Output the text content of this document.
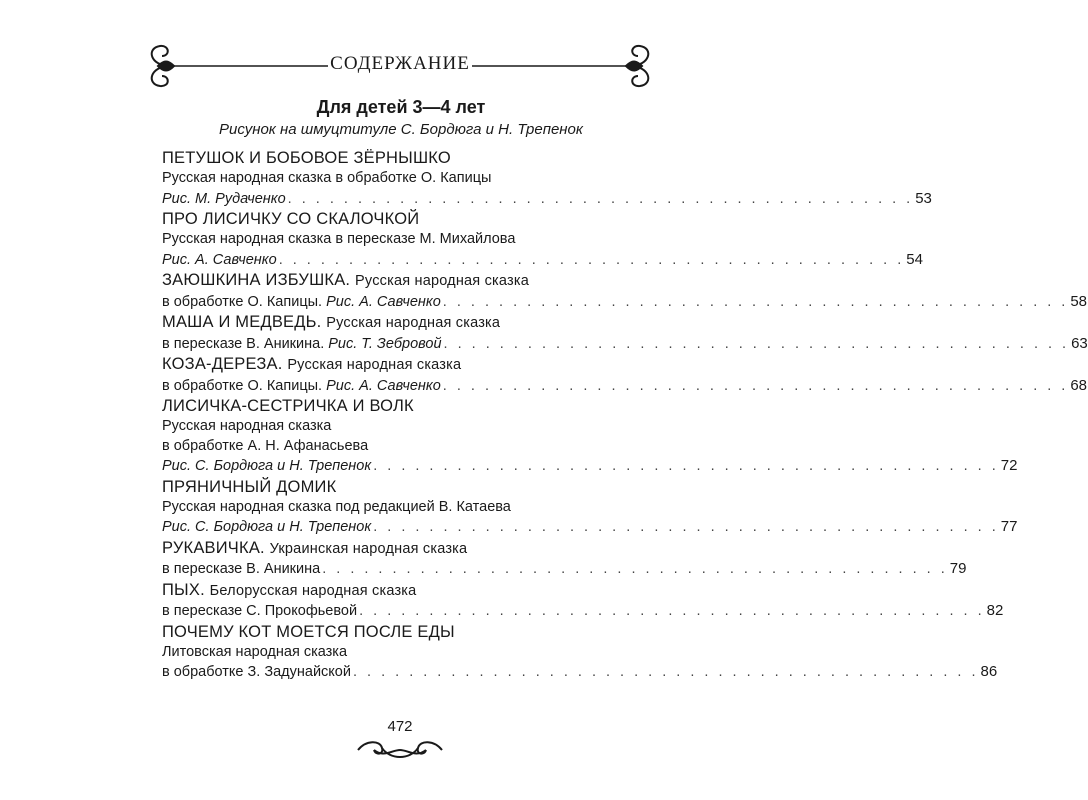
СОДЕРЖАНИЕ
Для детей 3—4 лет
Рисунок на шмуцтитуле С. Бордюга и Н. Трепенок
ПЕТУШОК И БОБОВОЕ ЗЁРНЫШКО
Русская народная сказка в обработке О. Капицы
Рис. М. Рудаченко . . . . . . . . . . . . . . . . . . . . . . . . . . . . . . . . . . . . . . . . . . . . . 53
ПРО ЛИСИЧКУ СО СКАЛОЧКОЙ
Русская народная сказка в пересказе М. Михайлова
Рис. А. Савченко . . . . . . . . . . . . . . . . . . . . . . . . . . . . . . . . . . . . . . . . . . . . . 54
ЗАЮШКИНА ИЗБУШКА. Русская народная сказка
в обработке О. Капицы.
Рис. А. Савченко . . . . . . . . . . . . . . . . . . . . . . . . . . . . . . . . . . . . . . . . . . . . . 58
МАША И МЕДВЕДЬ. Русская народная сказка
в пересказе В. Аникина.
Рис. Т. Зебровой . . . . . . . . . . . . . . . . . . . . . . . . . . . . . . . . . . . . . . . . . . . . . 63
КОЗА-ДЕРЕЗА. Русская народная сказка
в обработке О. Капицы.
Рис. А. Савченко . . . . . . . . . . . . . . . . . . . . . . . . . . . . . . . . . . . . . . . . . . . . . 68
ЛИСИЧКА-СЕСТРИЧКА И ВОЛК
Русская народная сказка
в обработке А. Н. Афанасьева
Рис. С. Бордюга и Н. Трепенок . . . . . . . . . . . . . . . . . . . . . . . . . . . . . . . . . . . . . . . . . . . . . 72
ПРЯНИЧНЫЙ ДОМИК
Русская народная сказка под редакцией В. Катаева
Рис. С. Бордюга и Н. Трепенок . . . . . . . . . . . . . . . . . . . . . . . . . . . . . . . . . . . . . . . . . . . . . 77
РУКАВИЧКА. Украинская народная сказка
в пересказе В. Аникина . . . . . . . . . . . . . . . . . . . . . . . . . . . . . . . . . . . . . . . . . . . . . 79
ПЫХ. Белорусская народная сказка
в пересказе С. Прокофьевой . . . . . . . . . . . . . . . . . . . . . . . . . . . . . . . . . . . . . . . . . . . . . 82
ПОЧЕМУ КОТ МОЕТСЯ ПОСЛЕ ЕДЫ
Литовская народная сказка
в обработке З. Задунайской . . . . . . . . . . . . . . . . . . . . . . . . . . . . . . . . . . . . . . . . . . . . . 86
472
